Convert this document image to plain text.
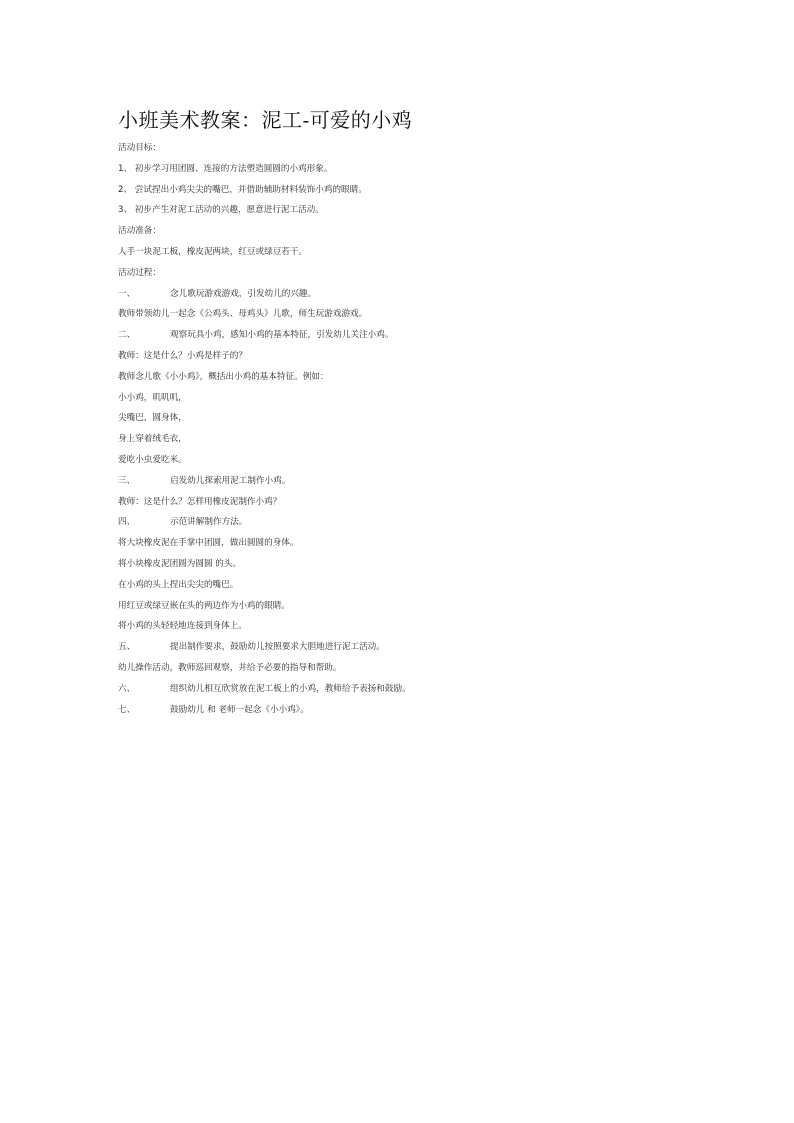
小班美术教案：泥工-可爱的小鸡
活动目标：
1、 初步学习用团圆、连接的方法塑造圆圆的小鸡形象。
2、 尝试捏出小鸡尖尖的嘴巴，并借助辅助材料装饰小鸡的眼睛。
3、 初步产生对泥工活动的兴趣，愿意进行泥工活动。
活动准备：
人手一块泥工板，橡皮泥两块，红豆或绿豆若干。
活动过程：
一、	念儿歌玩游戏游戏，引发幼儿的兴趣。
教师带领幼儿一起念《公鸡头、母鸡头》儿歌，师生玩游戏游戏。
二、	观察玩具小鸡，感知小鸡的基本特征，引发幼儿关注小鸡。
教师：这是什么？小鸡是样子的？
教师念儿歌《小小鸡》，概括出小鸡的基本特征。例如：
小小鸡，叽叽叽，
尖嘴巴，圆身体，
身上穿着绒毛衣，
爱吃小虫爱吃米。
三、	启发幼儿探索用泥工制作小鸡。
教师：这是什么？怎样用橡皮泥制作小鸡？
四、	示范讲解制作方法。
将大块橡皮泥在手掌中团圆，做出圆圆的身体。
将小块橡皮泥团圆为圆圆 的头。
在小鸡的头上捏出尖尖的嘴巴。
用红豆或绿豆嵌在头的两边作为小鸡的眼睛。
将小鸡的头轻轻地连接到身体上。
五、	提出制作要求，鼓励幼儿按照要求大胆地进行泥工活动。
幼儿操作活动，教师巡回观察，并给予必要的指导和帮助。
六、	组织幼儿相互欣赏放在泥工板上的小鸡，教师给予表扬和鼓励。
七、	鼓励幼儿 和 老师一起念《小小鸡》。
